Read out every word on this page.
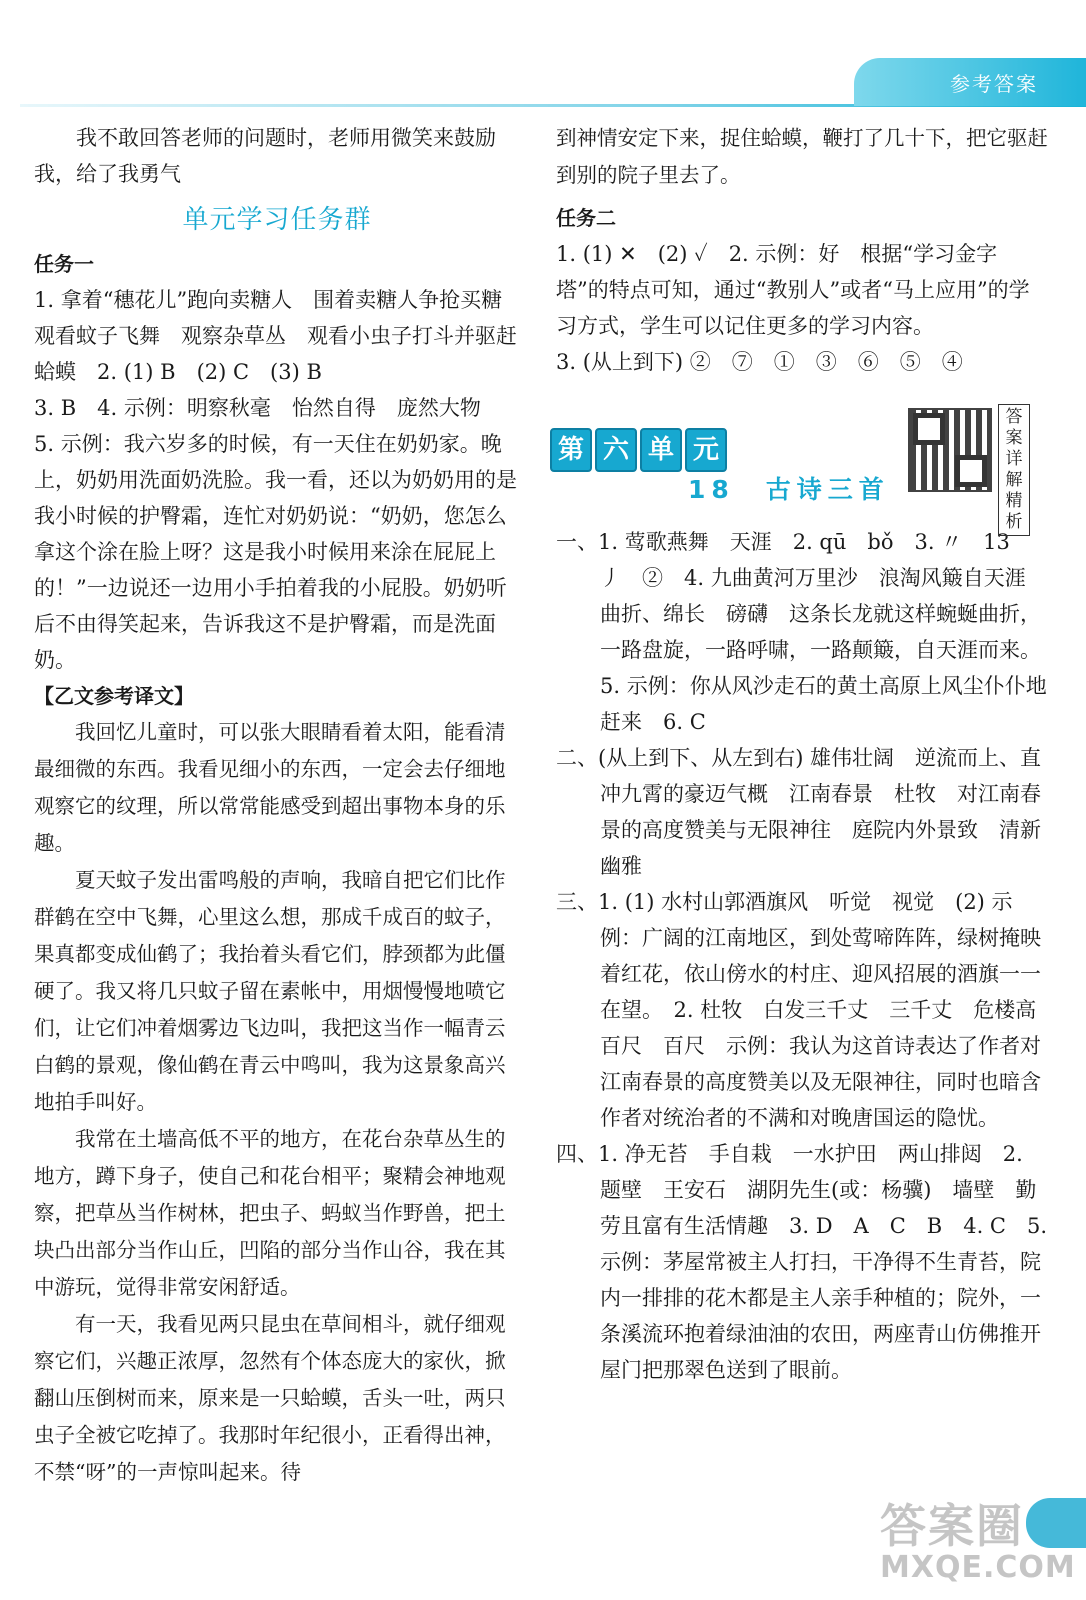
参考答案

我不敢回答老师的问题时，老师用微笑来鼓励我，给了我勇气

单元学习任务群
任务一

1. 拿着“穗花儿”跑向卖糖人　围着卖糖人争抢买糖　观看蚊子飞舞　观察杂草丛　观看小虫子打斗并驱赶蛤蟆　2. (1) B　(2) C　(3) B

3. B　4. 示例：明察秋毫　怡然自得　庞然大物

5. 示例：我六岁多的时候，有一天住在奶奶家。晚上，奶奶用洗面奶洗脸。我一看，还以为奶奶用的是我小时候的护臀霜，连忙对奶奶说：“奶奶，您怎么拿这个涂在脸上呀？这是我小时候用来涂在屁屁上的！”一边说还一边用小手拍着我的小屁股。奶奶听后不由得笑起来，告诉我这不是护臀霜，而是洗面奶。

【乙文参考译文】

我回忆儿童时，可以张大眼睛看着太阳，能看清最细微的东西。我看见细小的东西，一定会去仔细地观察它的纹理，所以常常能感受到超出事物本身的乐趣。

夏天蚊子发出雷鸣般的声响，我暗自把它们比作群鹤在空中飞舞，心里这么想，那成千成百的蚊子，果真都变成仙鹤了；我抬着头看它们，脖颈都为此僵硬了。我又将几只蚊子留在素帐中，用烟慢慢地喷它们，让它们冲着烟雾边飞边叫，我把这当作一幅青云白鹤的景观，像仙鹤在青云中鸣叫，我为这景象高兴地拍手叫好。

我常在土墙高低不平的地方，在花台杂草丛生的地方，蹲下身子，使自己和花台相平；聚精会神地观察，把草丛当作树林，把虫子、蚂蚁当作野兽，把土块凸出部分当作山丘，凹陷的部分当作山谷，我在其中游玩，觉得非常安闲舒适。

有一天，我看见两只昆虫在草间相斗，就仔细观察它们，兴趣正浓厚，忽然有个体态庞大的家伙，掀翻山压倒树而来，原来是一只蛤蟆，舌头一吐，两只虫子全被它吃掉了。我那时年纪很小，正看得出神，不禁“呀”的一声惊叫起来。待

到神情安定下来，捉住蛤蟆，鞭打了几十下，把它驱赶到别的院子里去了。

任务二

1. (1) ✕　(2) ✓　2. 示例：好　根据“学习金字塔”的特点可知，通过“教别人”或者“马上应用”的学习方式，学生可以记住更多的学习内容。

3. (从上到下) ②　⑦　①　③　⑥　⑤　④

第 六 单 元
答案详解精析
18　古诗三首

一、1. 莺歌燕舞　天涯　2. qū　bǒ　3. 〃　13　丿　②　4. 九曲黄河万里沙　浪淘风簸自天涯　曲折、绵长　磅礴　这条长龙就这样蜿蜒曲折，一路盘旋，一路呼啸，一路颠簸，自天涯而来。　5. 示例：你从风沙走石的黄土高原上风尘仆仆地赶来　6. C

二、(从上到下、从左到右) 雄伟壮阔　逆流而上、直冲九霄的豪迈气概　江南春景　杜牧　对江南春景的高度赞美与无限神往　庭院内外景致　清新幽雅

三、1. (1) 水村山郭酒旗风　听觉　视觉　(2) 示例：广阔的江南地区，到处莺啼阵阵，绿树掩映着红花，依山傍水的村庄、迎风招展的酒旗一一在望。　2. 杜牧　白发三千丈　三千丈　危楼高百尺　百尺　示例：我认为这首诗表达了作者对江南春景的高度赞美以及无限神往，同时也暗含作者对统治者的不满和对晚唐国运的隐忧。

四、1. 净无苔　手自栽　一水护田　两山排闼　2. 题壁　王安石　湖阴先生(或：杨骥)　墙壁　勤劳且富有生活情趣　3. D　A　C　B　4. C　5. 示例：茅屋常被主人打扫，干净得不生青苔，院内一排排的花木都是主人亲手种植的；院外，一条溪流环抱着绿油油的农田，两座青山仿佛推开屋门把那翠色送到了眼前。

答案圈
MXQE.COM
